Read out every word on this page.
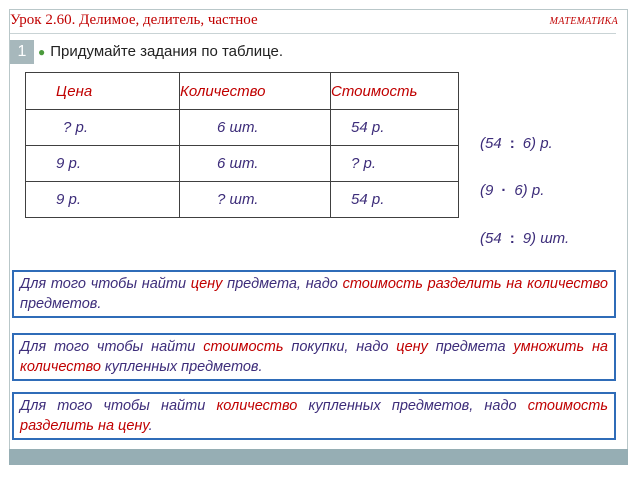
Урок 2.60. Делимое, делитель, частное	МАТЕМАТИКА
1 ● Придумайте задания по таблице.
Цена	Количество	Стоимость
? р.	6 шт.	54 р.
9 р.	6 шт.	? р.
9 р.	? шт.	54 р.
(54 : 6) р.
(9 · 6) р.
(54 : 9) шт.
Для того чтобы найти цену предмета, надо стоимость разделить на количество предметов.
Для того чтобы найти стоимость покупки, надо цену предмета умножить на количество купленных предметов.
Для того чтобы найти количество купленных предметов, надо стоимость разделить на цену.
